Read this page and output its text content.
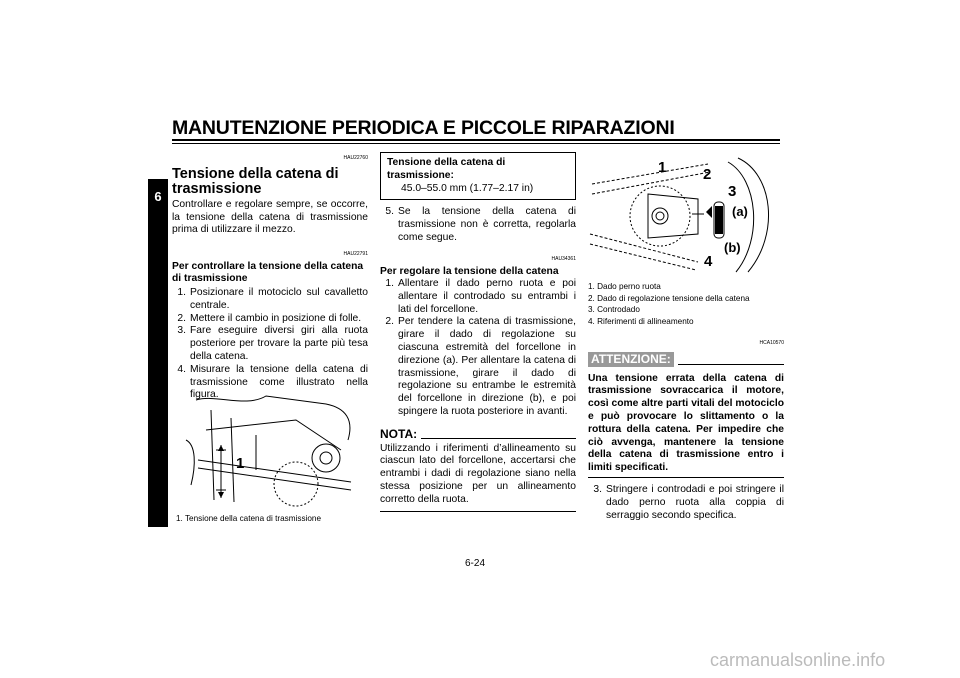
MANUTENZIONE PERIODICA E PICCOLE RIPARAZIONI
6
HAU22760
Tensione della catena di trasmissione
Controllare e regolare sempre, se occorre, la tensione della catena di trasmissione prima di utilizzare il mezzo.
HAU22791
Per controllare la tensione della catena di trasmissione
1. Posizionare il motociclo sul cavalletto centrale.
2. Mettere il cambio in posizione di folle.
3. Fare eseguire diversi giri alla ruota posteriore per trovare la parte più tesa della catena.
4. Misurare la tensione della catena di trasmissione come illustrato nella figura.
1
1. Tensione della catena di trasmissione
Tensione della catena di trasmissione:
45.0–55.0 mm (1.77–2.17 in)
5. Se la tensione della catena di trasmissione non è corretta, regolarla come segue.
HAU34361
Per regolare la tensione della catena
1. Allentare il dado perno ruota e poi allentare il controdado su entrambi i lati del forcellone.
2. Per tendere la catena di trasmissione, girare il dado di regolazione su ciascuna estremità del forcellone in direzione (a). Per allentare la catena di trasmissione, girare il dado di regolazione su entrambe le estremità del forcellone in direzione (b), e poi spingere la ruota posteriore in avanti.
NOTA:
Utilizzando i riferimenti d’allineamento su ciascun lato del forcellone, accertarsi che entrambi i dadi di regolazione siano nella stessa posizione per un allineamento corretto della ruota.
1 2
3
(a)
(b)
4
1. Dado perno ruota
2. Dado di regolazione tensione della catena
3. Controdado
4. Riferimenti di allineamento
HCA10570
ATTENZIONE:
Una tensione errata della catena di trasmissione sovraccarica il motore, così come altre parti vitali del motociclo e può provocare lo slittamento o la rottura della catena. Per impedire che ciò avvenga, mantenere la tensione della catena di trasmissione entro i limiti specificati.
3. Stringere i controdadi e poi stringere il dado perno ruota alla coppia di serraggio secondo specifica.
6-24
carmanualsonline.info
